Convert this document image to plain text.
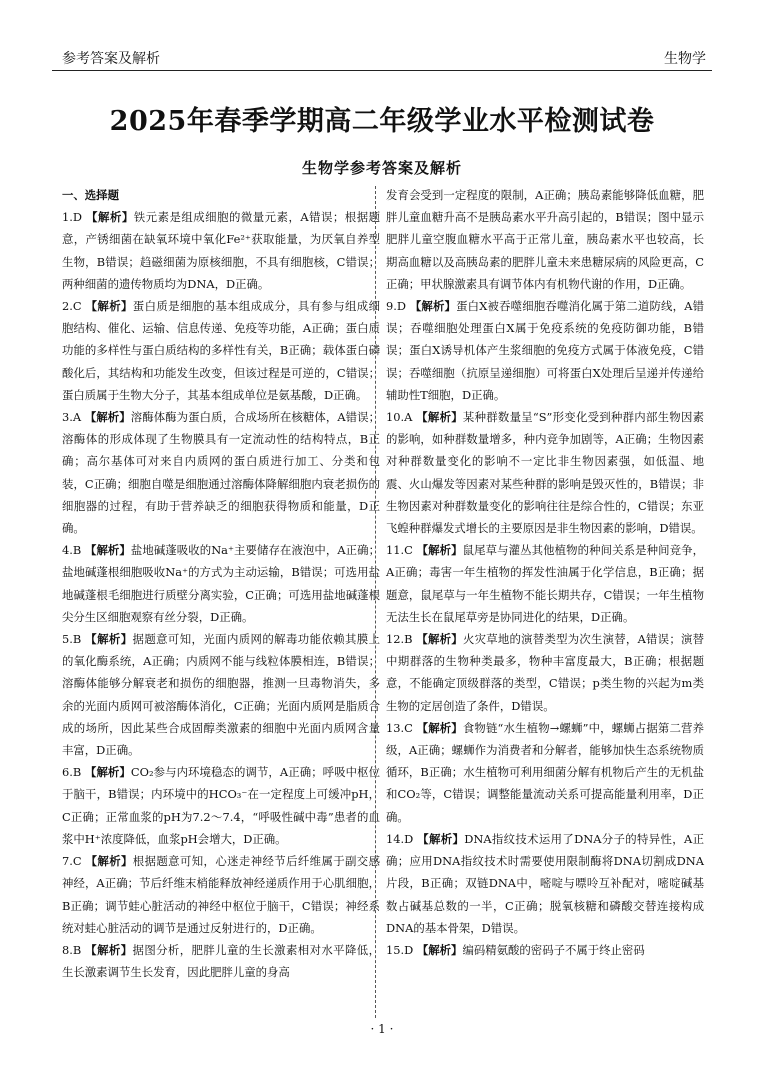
参考答案及解析	生物学
2025年春季学期高二年级学业水平检测试卷
生物学参考答案及解析
一、选择题

1.D 【解析】铁元素是组成细胞的微量元素，A错误；根据题意，产锈细菌在缺氧环境中氧化Fe²⁺获取能量，为厌氧自养型生物，B错误；趋磁细菌为原核细胞，不具有细胞核，C错误；两种细菌的遗传物质均为DNA，D正确。

2.C 【解析】蛋白质是细胞的基本组成成分，具有参与组成细胞结构、催化、运输、信息传递、免疫等功能，A正确；蛋白质功能的多样性与蛋白质结构的多样性有关，B正确；载体蛋白磷酸化后，其结构和功能发生改变，但该过程是可逆的，C错误；蛋白质属于生物大分子，其基本组成单位是氨基酸，D正确。

3.A 【解析】溶酶体酶为蛋白质，合成场所在核糖体，A错误；溶酶体的形成体现了生物膜具有一定流动性的结构特点，B正确；高尔基体可对来自内质网的蛋白质进行加工、分类和包装，C正确；细胞自噬是细胞通过溶酶体降解细胞内衰老损伤的细胞器的过程，有助于营养缺乏的细胞获得物质和能量，D正确。

4.B 【解析】盐地碱蓬吸收的Na⁺主要储存在液泡中，A正确；盐地碱蓬根细胞吸收Na⁺的方式为主动运输，B错误；可选用盐地碱蓬根毛细胞进行质壁分离实验，C正确；可选用盐地碱蓬根尖分生区细胞观察有丝分裂，D正确。

5.B 【解析】据题意可知，光面内质网的解毒功能依赖其膜上的氧化酶系统，A正确；内质网不能与线粒体膜相连，B错误；溶酶体能够分解衰老和损伤的细胞器，推测一旦毒物消失，多余的光面内质网可被溶酶体消化，C正确；光面内质网是脂质合成的场所，因此某些合成固醇类激素的细胞中光面内质网含量丰富，D正确。

6.B 【解析】CO₂参与内环境稳态的调节，A正确；呼吸中枢位于脑干，B错误；内环境中的HCO₃⁻在一定程度上可缓冲pH，C正确；正常血浆的pH为7.2～7.4，“呼吸性碱中毒”患者的血浆中H⁺浓度降低，血浆pH会增大，D正确。

7.C 【解析】根据题意可知，心迷走神经节后纤维属于副交感神经，A正确；节后纤维末梢能释放神经递质作用于心肌细胞，B正确；调节蛙心脏活动的神经中枢位于脑干，C错误；神经系统对蛙心脏活动的调节是通过反射进行的，D正确。

8.B 【解析】据图分析，肥胖儿童的生长激素相对水平降低，生长激素调节生长发育，因此肥胖儿童的身高

发育会受到一定程度的限制，A正确；胰岛素能够降低血糖，肥胖儿童血糖升高不是胰岛素水平升高引起的，B错误；图中显示肥胖儿童空腹血糖水平高于正常儿童，胰岛素水平也较高，长期高血糖以及高胰岛素的肥胖儿童未来患糖尿病的风险更高，C正确；甲状腺激素具有调节体内有机物代谢的作用，D正确。

9.D 【解析】蛋白X被吞噬细胞吞噬消化属于第二道防线，A错误；吞噬细胞处理蛋白X属于免疫系统的免疫防御功能，B错误；蛋白X诱导机体产生浆细胞的免疫方式属于体液免疫，C错误；吞噬细胞（抗原呈递细胞）可将蛋白X处理后呈递并传递给辅助性T细胞，D正确。

10.A 【解析】某种群数量呈“S”形变化受到种群内部生物因素的影响，如种群数量增多，种内竞争加剧等，A正确；生物因素对种群数量变化的影响不一定比非生物因素强，如低温、地震、火山爆发等因素对某些种群的影响是毁灭性的，B错误；非生物因素对种群数量变化的影响往往是综合性的，C错误；东亚飞蝗种群爆发式增长的主要原因是非生物因素的影响，D错误。

11.C 【解析】鼠尾草与灌丛其他植物的种间关系是种间竞争，A正确；毒害一年生植物的挥发性油属于化学信息，B正确；据题意，鼠尾草与一年生植物不能长期共存，C错误；一年生植物无法生长在鼠尾草旁是协同进化的结果，D正确。

12.B 【解析】火灾草地的演替类型为次生演替，A错误；演替中期群落的生物种类最多，物种丰富度最大，B正确；根据题意，不能确定顶级群落的类型，C错误；p类生物的兴起为m类生物的定居创造了条件，D错误。

13.C 【解析】食物链“水生植物→螺蛳”中，螺蛳占据第二营养级，A正确；螺蛳作为消费者和分解者，能够加快生态系统物质循环，B正确；水生植物可利用细菌分解有机物后产生的无机盐和CO₂等，C错误；调整能量流动关系可提高能量利用率，D正确。

14.D 【解析】DNA指纹技术运用了DNA分子的特异性，A正确；应用DNA指纹技术时需要使用限制酶将DNA切割成DNA片段，B正确；双链DNA中，嘧啶与嘌呤互补配对，嘧啶碱基数占碱基总数的一半，C正确；脱氧核糖和磷酸交替连接构成DNA的基本骨架，D错误。

15.D 【解析】编码精氨酸的密码子不属于终止密码

· 1 ·
